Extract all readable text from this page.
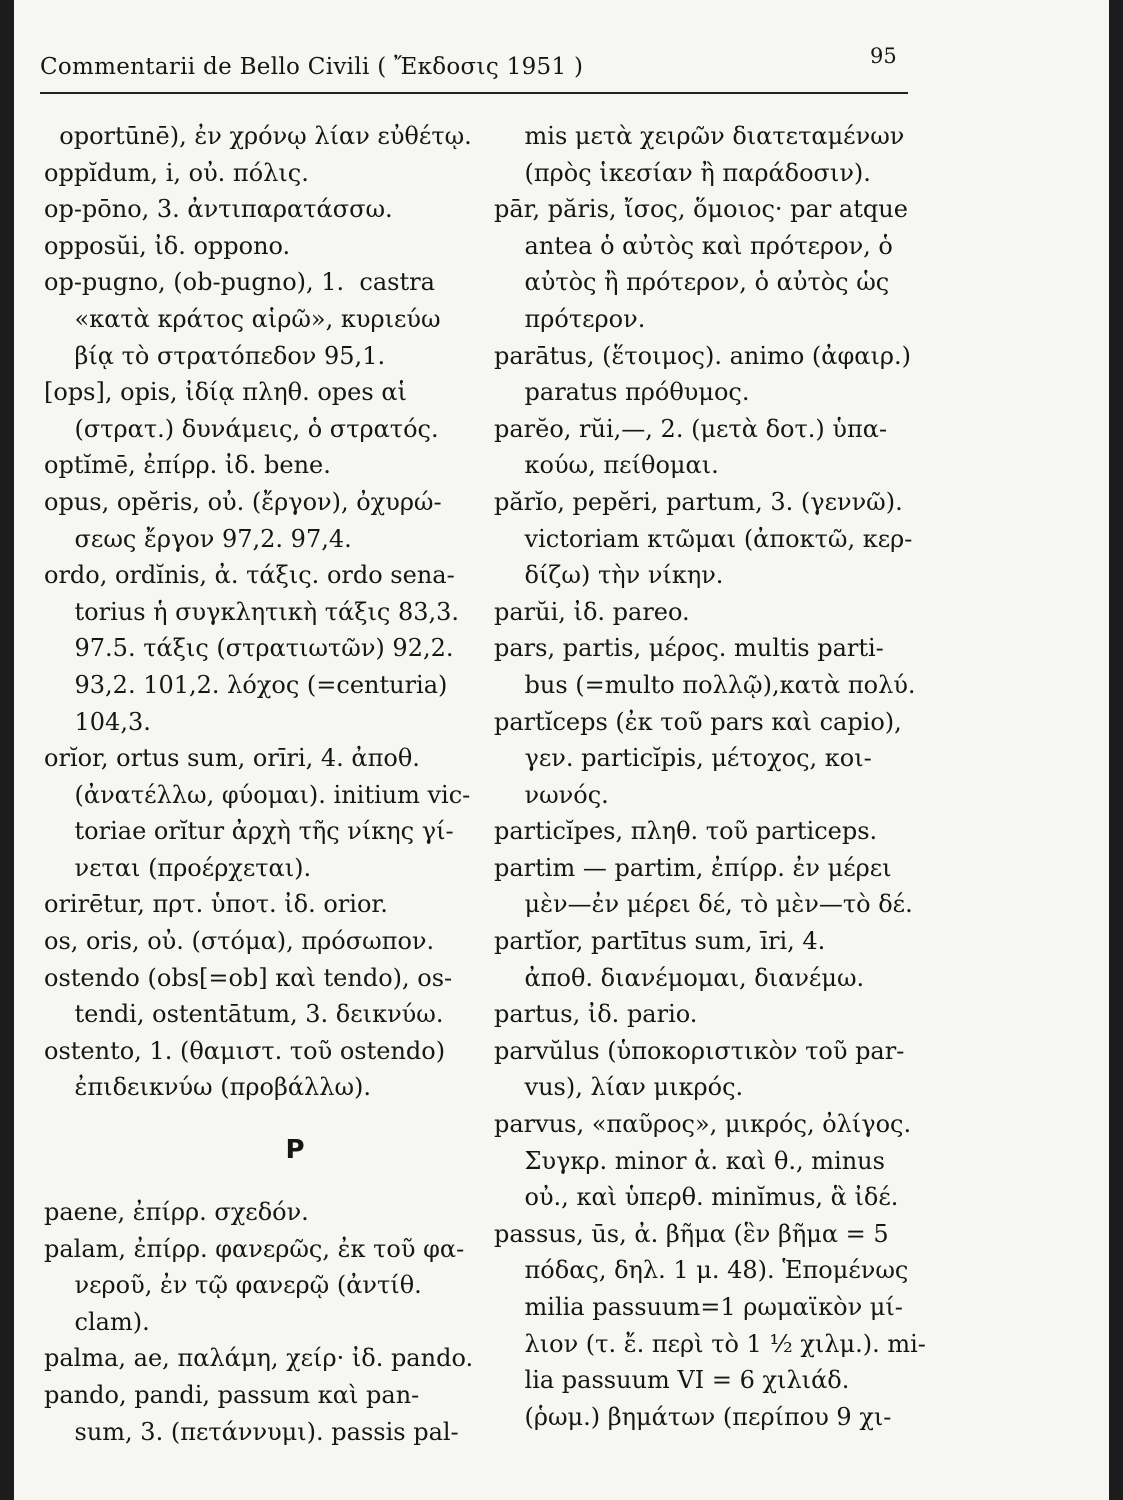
Commentarii de Bello Civili ( Ἔκδοσις 1951 )	95
oportūnē), ἐν χρόνῳ λίαν εὐθέτῳ.
oppĭdum, i, οὐ. πόλις.
op-pōno, 3. ἀντιπαρατάσσω.
opposŭi, ἰδ. oppono.
op-pugno, (ob-pugno), 1.  castra
«κατὰ κράτος αἱρῶ», κυριεύω
βίᾳ τὸ στρατόπεδον 95,1.
[ops], opis, ἰδίᾳ πληθ. opes αἱ
(στρατ.) δυνάμεις, ὁ στρατός.
optĭmē, ἐπίρρ. ἰδ. bene.
opus, opĕris, οὐ. (ἔργον), ὀχυρώ-
σεως ἔργον 97,2. 97,4.
ordo, ordĭnis, ἀ. τάξις. ordo sena-
torius ἡ συγκλητικὴ τάξις 83,3.
97.5. τάξις (στρατιωτῶν) 92,2.
93,2. 101,2. λόχος (=centuria)
104,3.
orĭor, ortus sum, orīri, 4. ἀποθ.
(ἀνατέλλω, φύομαι). initium vic-
toriae orĭtur ἀρχὴ τῆς νίκης γί-
νεται (προέρχεται).
orirētur, πρτ. ὑποτ. ἰδ. orior.
os, oris, οὐ. (στόμα), πρόσωπον.
ostendo (obs[=ob] καὶ tendo), os-
tendi, ostentātum, 3. δεικνύω.
ostento, 1. (θαμιστ. τοῦ ostendo)
ἐπιδεικνύω (προβάλλω).
P
paene, ἐπίρρ. σχεδόν.
palam, ἐπίρρ. φανερῶς, ἐκ τοῦ φα-
νεροῦ, ἐν τῷ φανερῷ (ἀντίθ.
clam).
palma, ae, παλάμη, χείρ· ἰδ. pando.
pando, pandi, passum καὶ pan-
sum, 3. (πετάννυμι). passis pal-
mis μετὰ χειρῶν διατεταμένων
(πρὸς ἱκεσίαν ἢ παράδοσιν).
pār, păris, ἴσος, ὅμοιος· par atque
antea ὁ αὐτὸς καὶ πρότερον, ὁ
αὐτὸς ἢ πρότερον, ὁ αὐτὸς ὡς
πρότερον.
parātus, (ἕτοιμος). animo (ἀφαιρ.)
paratus πρόθυμος.
parĕo, rŭi,—, 2. (μετὰ δοτ.) ὑπα-
κούω, πείθομαι.
părĭo, pepĕri, partum, 3. (γεννῶ).
victoriam κτῶμαι (ἀποκτῶ, κερ-
δίζω) τὴν νίκην.
parŭi, ἰδ. pareo.
pars, partis, μέρος. multis parti-
bus (=multo πολλῷ),κατὰ πολύ.
partĭceps (ἐκ τοῦ pars καὶ capio),
γεν. particĭpis, μέτοχος, κοι-
νωνός.
particĭpes, πληθ. τοῦ particeps.
partim — partim, ἐπίρρ. ἐν μέρει
μὲν—ἐν μέρει δέ, τὸ μὲν—τὸ δέ.
partĭor, partītus sum, īri, 4.
ἀποθ. διανέμομαι, διανέμω.
partus, ἰδ. pario.
parvŭlus (ὑποκοριστικὸν τοῦ par-
vus), λίαν μικρός.
parvus, «παῦρος», μικρός, ὀλίγος.
Συγκρ. minor ἀ. καὶ θ., minus
οὐ., καὶ ὑπερθ. minĭmus, ἃ ἰδέ.
passus, ūs, ἀ. βῆμα (ἓν βῆμα = 5
πόδας, δηλ. 1 μ. 48). Ἑπομένως
milia passuum=1 ρωμαϊκὸν μί-
λιον (τ. ἔ. περὶ τὸ 1 ½ χιλμ.). mi-
lia passuum VI = 6 χιλιάδ.
(ῥωμ.) βημάτων (περίπου 9 χι-
